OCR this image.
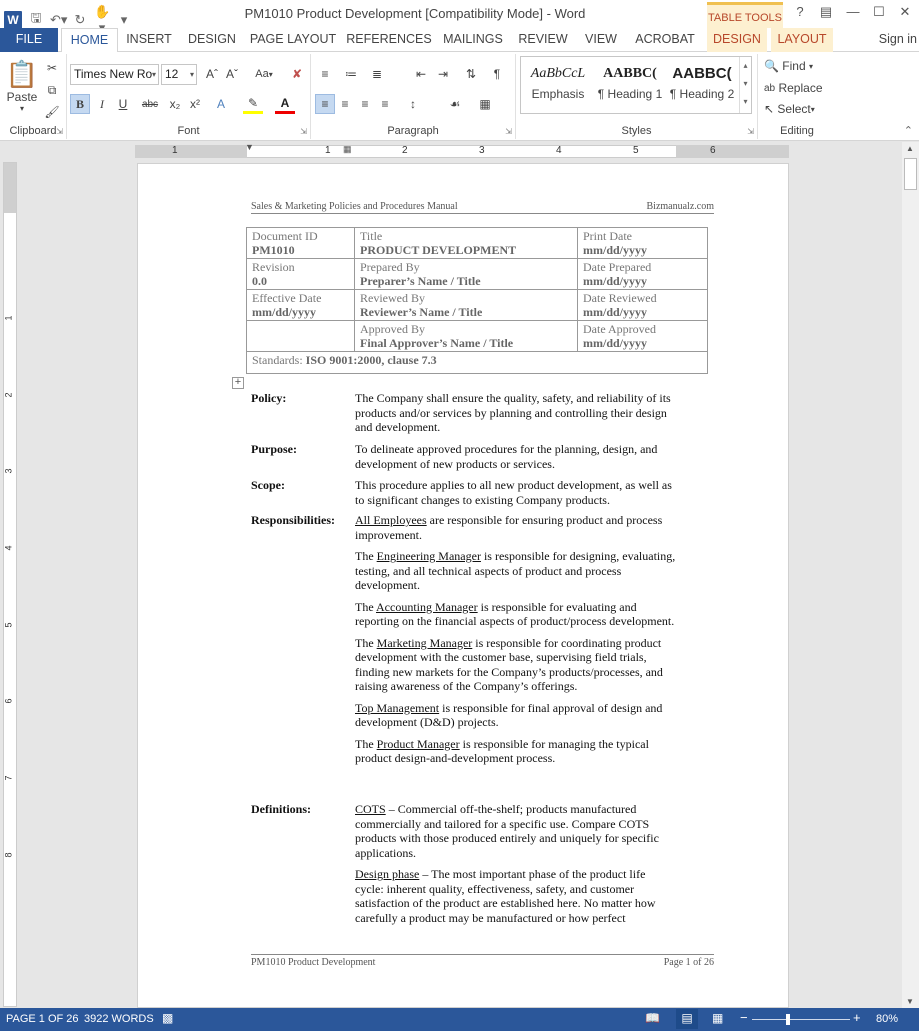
W 🖫 ↶▾ ↻
✋
▾	PM1010 Product Development [Compatibility Mode] - Word	TABLE TOOLS	?	▤ —	☐	✕
FILE	HOME	INSERT	DESIGN	PAGE LAYOUT REFERENCES MAILINGS	REVIEW	VIEW	ACROBAT	DESIGN	LAYOUT	Sign in
📋
Paste
▾
✂
⧉
🖌
Clipboard ⇲
Times New Ro ▾ 12 ▾	Aˆ Aˇ	Aa ▾	✘
B	I	U	abc x₂ x²	A	✎	A
Font	⇲
≡	≔	≣	⇤ ⇥	⇅	¶
≡	≡	≡	≡	↕	☙	▦
Paragraph	⇲	Styles	⇲
AaBbCcL
Emphasis
AABBC(
¶ Heading 1
AABBC(
¶ Heading 2
▴
▾
▾
🔍
Find
▾
ab
Replace
↖
Select ▾
Editing	⌃
1	1	2	3	4	5	6
▼	▦
1
2
3
4
5
6
7
8
▲
▼
Sales & Marketing Policies and Procedures Manual	Bizmanualz.com
Document ID
PM1010	Title
PRODUCT DEVELOPMENT	Print Date
mm/dd/yyyy

Revision
0.0	Prepared By
Preparer’s Name / Title	Date Prepared
mm/dd/yyyy

Effective Date
mm/dd/yyyy	Reviewed By
Reviewer’s Name / Title	Date Reviewed
mm/dd/yyyy

	Approved By
Final Approver’s Name / Title	Date Approved
mm/dd/yyyy
Standards: ISO 9001:2000, clause 7.3		
+
Policy:	The Company shall ensure the quality, safety, and reliability of its products and/or services by planning and controlling their design and development.
Purpose:	To delineate approved procedures for the planning, design, and development of new products or services.
Scope:	This procedure applies to all new product development, as well as to significant changes to existing Company products.
Responsibilities: All Employees are responsible for ensuring product and process improvement.

The Engineering Manager is responsible for designing, evaluating, testing, and all technical aspects of product and process development.

The Accounting Manager is responsible for evaluating and reporting on the financial aspects of product/process development.

The Marketing Manager is responsible for coordinating product development with the customer base, supervising field trials, finding new markets for the Company’s products/processes, and raising awareness of the Company’s offerings.

Top Management is responsible for final approval of design and development (D&D) projects.

The Product Manager is responsible for managing the typical product design-and-development process.

Definitions:	COTS – Commercial off-the-shelf; products manufactured commercially and tailored for a specific use. Compare COTS products with those produced entirely and uniquely for specific applications.

Design phase – The most important phase of the product life cycle: inherent quality, effectiveness, safety, and customer satisfaction of the product are established here. No matter how carefully a product may be manufactured or how perfect

PM1010 Product Development	Page 1 of 26
PAGE 1 OF 26 3922 WORDS ▩	📖	▤	▦ −	+ 80%
